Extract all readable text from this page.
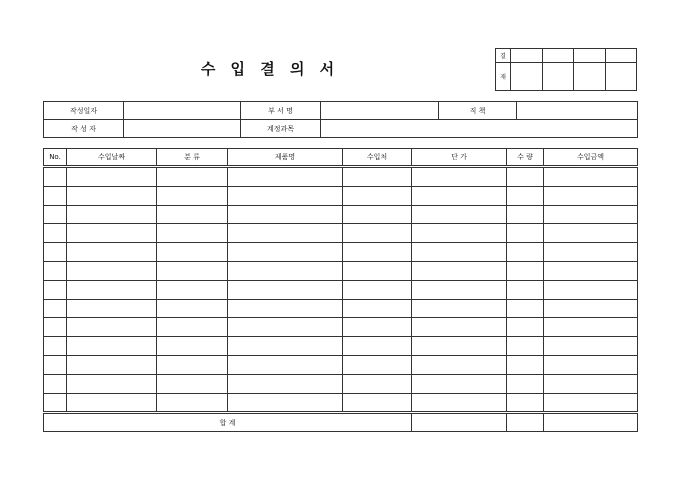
수 입 결 의 서
결				
재				
작성일자		부 서 명		직 책	
작 성 자		계정과목			
No.	수입날짜	분 류	제품명	수입처	단 가	수 량	수입금액

합 계							
